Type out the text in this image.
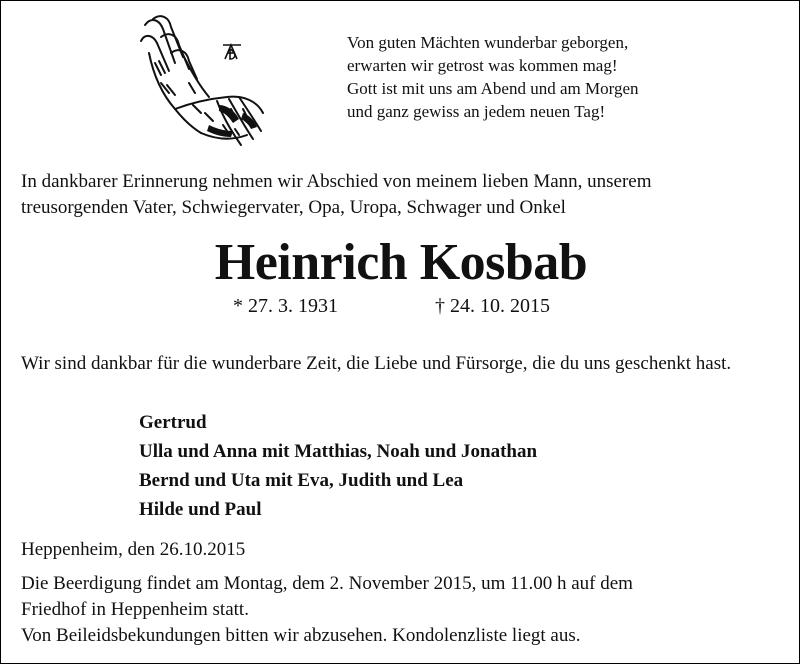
Von guten Mächten wunderbar geborgen,
erwarten wir getrost was kommen mag!
Gott ist mit uns am Abend und am Morgen
und ganz gewiss an jedem neuen Tag!
In dankbarer Erinnerung nehmen wir Abschied von meinem lieben Mann, unserem
treusorgenden Vater, Schwiegervater, Opa, Uropa, Schwager und Onkel
Heinrich Kosbab
* 27. 3. 1931	† 24. 10. 2015
Wir sind dankbar für die wunderbare Zeit, die Liebe und Fürsorge, die du uns geschenkt hast.
Gertrud
Ulla und Anna mit Matthias, Noah und Jonathan
Bernd und Uta mit Eva, Judith und Lea
Hilde und Paul
Heppenheim, den 26.10.2015
Die Beerdigung findet am Montag, dem 2. November 2015, um 11.00 h auf dem
Friedhof in Heppenheim statt.
Von Beileidsbekundungen bitten wir abzusehen. Kondolenzliste liegt aus.
